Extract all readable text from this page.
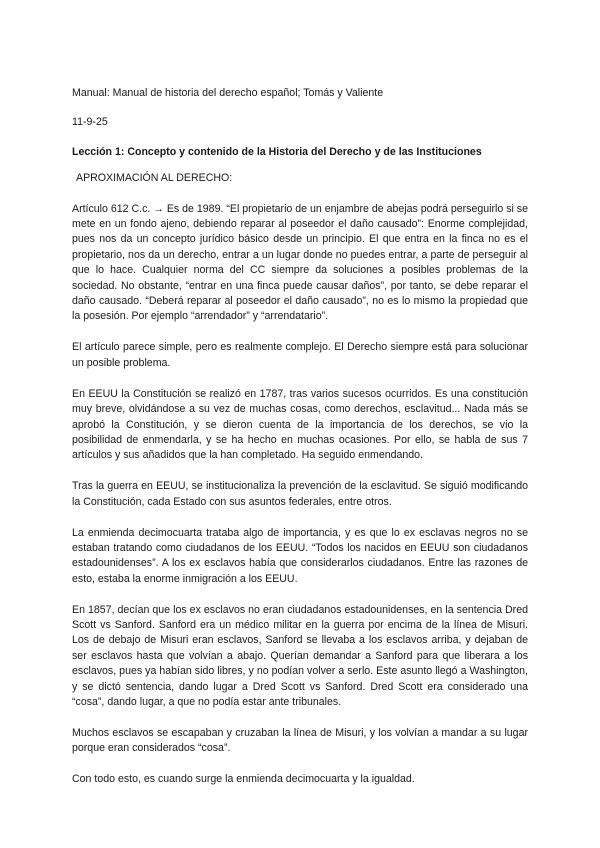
Manual: Manual de historia del derecho español; Tomás y Valiente

11-9-25

Lección 1: Concepto y contenido de la Historia del Derecho y de las Instituciones

APROXIMACIÓN AL DERECHO:

Artículo 612 C.c. → Es de 1989. “El propietario de un enjambre de abejas podrá perseguirlo si se mete en un fondo ajeno, debiendo reparar al poseedor el daño causado”: Enorme complejidad, pues nos da un concepto jurídico básico desde un principio. El que entra en la finca no es el propietario, nos da un derecho, entrar a un lugar donde no puedes entrar, a parte de perseguir al que lo hace. Cualquier norma del CC siempre da soluciones a posibles problemas de la sociedad. No obstante, “entrar en una finca puede causar daños”, por tanto, se debe reparar el daño causado. “Deberá reparar al poseedor el daño causado”, no es lo mismo la propiedad que la posesión. Por ejemplo “arrendador” y “arrendatario”.

El artículo parece simple, pero es realmente complejo. El Derecho siempre está para solucionar un posible problema.

En EEUU la Constitución se realizó en 1787, tras varios sucesos ocurridos. Es una constitución muy breve, olvidándose a su vez de muchas cosas, como derechos, esclavitud... Nada más se aprobó la Constitución, y se dieron cuenta de la importancia de los derechos, se vio la posibilidad de enmendarla, y se ha hecho en muchas ocasiones. Por ello, se habla de sus 7 artículos y sus añadidos que la han completado. Ha seguido enmendando.

Tras la guerra en EEUU, se institucionaliza la prevención de la esclavitud. Se siguió modificando la Constitución, cada Estado con sus asuntos federales, entre otros.

La enmienda decimocuarta trataba algo de importancia, y es que lo ex esclavas negros no se estaban tratando como ciudadanos de los EEUU. “Todos los nacidos en EEUU son ciudadanos estadounidenses”. A los ex esclavos había que considerarlos ciudadanos. Entre las razones de esto, estaba la enorme inmigración a los EEUU.

En 1857, decían que los ex esclavos no eran ciudadanos estadounidenses, en la sentencia Dred Scott vs Sanford. Sanford era un médico militar en la guerra por encima de la línea de Misuri. Los de debajo de Misuri eran esclavos, Sanford se llevaba a los esclavos arriba, y dejaban de ser esclavos hasta que volvían a abajo. Querían demandar a Sanford para que liberara a los esclavos, pues ya habían sido libres, y no podían volver a serlo. Este asunto llegó a Washington, y se dictó sentencia, dando lugar a Dred Scott vs Sanford. Dred Scott era considerado una “cosa”, dando lugar, a que no podía estar ante tribunales.

Muchos esclavos se escapaban y cruzaban la línea de Misuri, y los volvían a mandar a su lugar porque eran considerados “cosa”.

Con todo esto, es cuando surge la enmienda decimocuarta y la igualdad.
